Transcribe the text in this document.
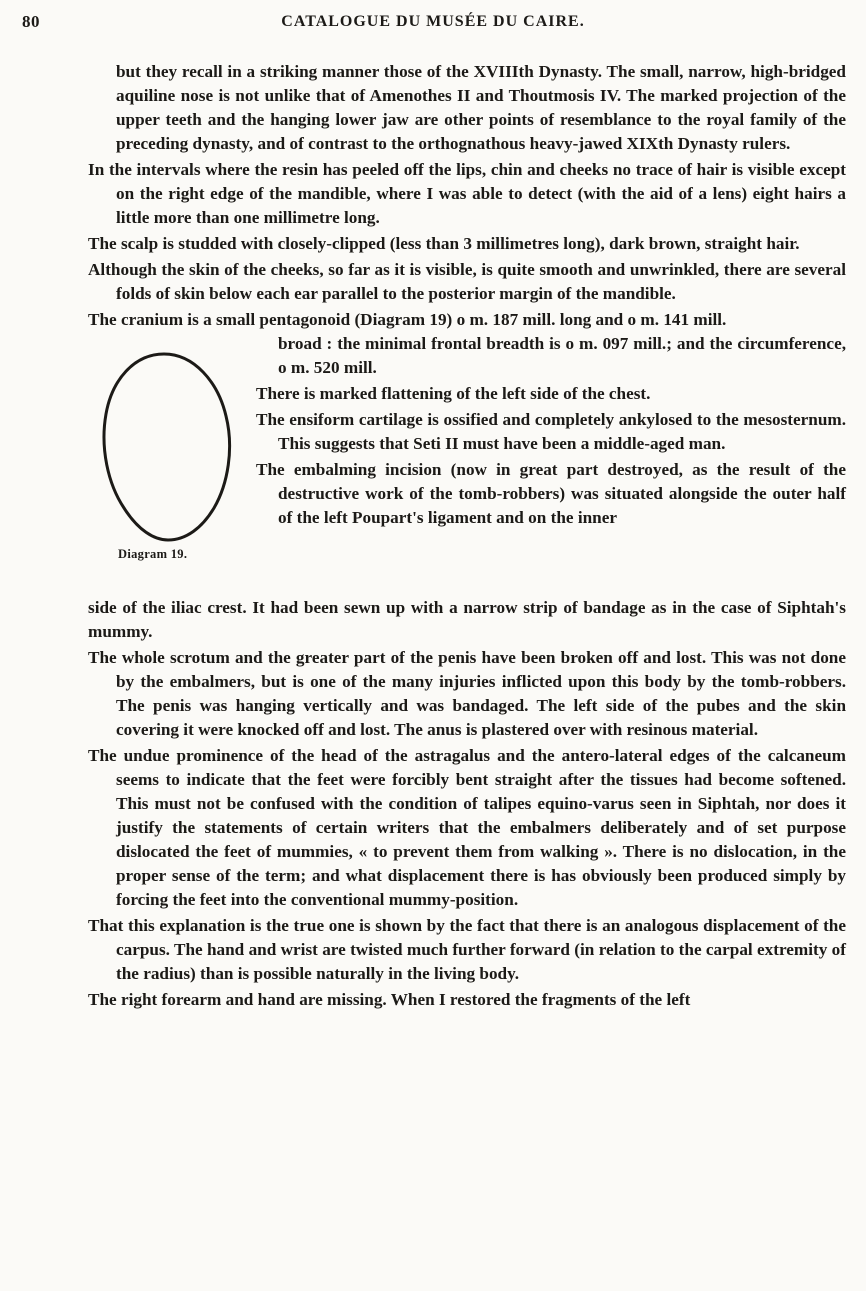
80	CATALOGUE DU MUSÉE DU CAIRE.

but they recall in a striking manner those of the XVIIIth Dynasty. The small, narrow, high-bridged aquiline nose is not unlike that of Amenothes II and Thoutmosis IV. The marked projection of the upper teeth and the hanging lower jaw are other points of resemblance to the royal family of the preceding dynasty, and of contrast to the orthognathous heavy-jawed XIXth Dynasty rulers.

In the intervals where the resin has peeled off the lips, chin and cheeks no trace of hair is visible except on the right edge of the mandible, where I was able to detect (with the aid of a lens) eight hairs a little more than one millimetre long.

The scalp is studded with closely-clipped (less than 3 millimetres long), dark brown, straight hair.

Although the skin of the cheeks, so far as it is visible, is quite smooth and unwrinkled, there are several folds of skin below each ear parallel to the posterior margin of the mandible.

The cranium is a small pentagonoid (Diagram 19) o m. 187 mill. long and o m. 141 mill.

Diagram 19.

broad : the minimal frontal breadth is o m. 097 mill.; and the circumference, o m. 520 mill.

There is marked flattening of the left side of the chest.

The ensiform cartilage is ossified and completely ankylosed to the mesosternum. This suggests that Seti II must have been a middle-aged man.

The embalming incision (now in great part destroyed, as the result of the destructive work of the tomb-robbers) was situated alongside the outer half of the left Poupart's ligament and on the inner

side of the iliac crest. It had been sewn up with a narrow strip of bandage as in the case of Siphtah's mummy.

The whole scrotum and the greater part of the penis have been broken off and lost. This was not done by the embalmers, but is one of the many injuries inflicted upon this body by the tomb-robbers. The penis was hanging vertically and was bandaged. The left side of the pubes and the skin covering it were knocked off and lost. The anus is plastered over with resinous material.

The undue prominence of the head of the astragalus and the antero-lateral edges of the calcaneum seems to indicate that the feet were forcibly bent straight after the tissues had become softened. This must not be confused with the condition of talipes equino-varus seen in Siphtah, nor does it justify the statements of certain writers that the embalmers deliberately and of set purpose dislocated the feet of mummies, « to prevent them from walking ». There is no dislocation, in the proper sense of the term; and what displacement there is has obviously been produced simply by forcing the feet into the conventional mummy-position.

That this explanation is the true one is shown by the fact that there is an analogous displacement of the carpus. The hand and wrist are twisted much further forward (in relation to the carpal extremity of the radius) than is possible naturally in the living body.

The right forearm and hand are missing. When I restored the fragments of the left
